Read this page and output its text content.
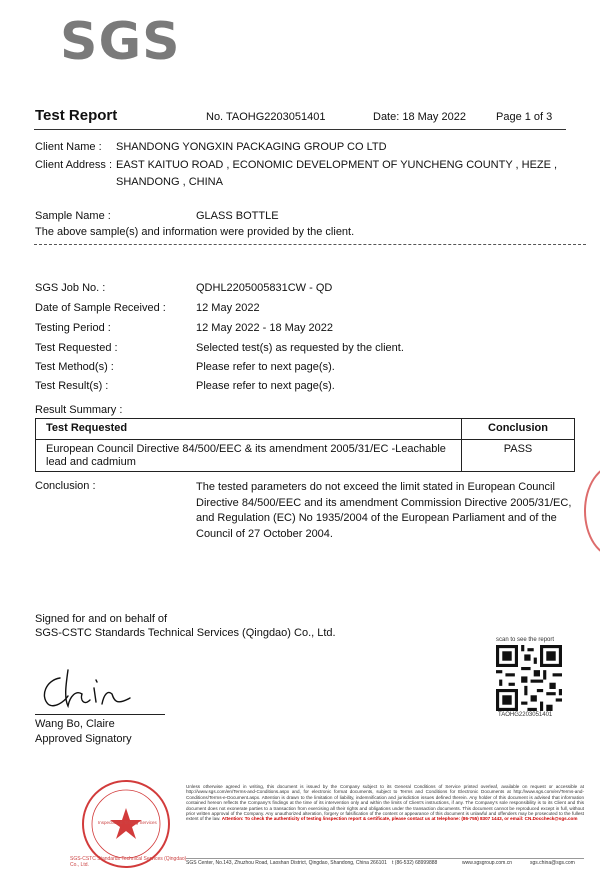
SGS
Test Report	No. TAOHG2203051401	Date: 18 May 2022	Page 1 of 3
Client Name : SHANDONG YONGXIN PACKAGING GROUP CO LTD
Client Address : EAST KAITUO ROAD , ECONOMIC DEVELOPMENT OF YUNCHENG COUNTY , HEZE ,
SHANDONG , CHINA
Sample Name :	GLASS BOTTLE
The above sample(s) and information were provided by the client.
SGS Job No. :	QDHL2205005831CW - QD
Date of Sample Received :	12 May 2022
Testing Period :	12 May 2022 - 18 May 2022
Test Requested :	Selected test(s) as requested by the client.
Test Method(s) :	Please refer to next page(s).
Test Result(s) :	Please refer to next page(s).
Result Summary :
Test Requested	Conclusion
European Council Directive 84/500/EEC & its amendment 2005/31/EC -Leachable lead and cadmium	PASS
Conclusion :	The tested parameters do not exceed the limit stated in European Council Directive 84/500/EEC and its amendment Commission Directive 2005/31/EC, and Regulation (EC) No 1935/2004 of the European Parliament and of the Council of 27 October 2004.
Signed for and on behalf of
SGS-CSTC Standards Technical Services (Qingdao) Co., Ltd.
Wang Bo, Claire
Approved Signatory
scan to see the report
TAOHG2203051401
SGS-CSTC Standards Technical Services (Qingdao) Co., Ltd.
Inspection & Testing Services
Unless otherwise agreed in writing, this document is issued by the Company subject to its General Conditions of Service printed overleaf, available on request or accessible at http://www.sgs.com/en/Terms-and-Conditions.aspx and, for electronic format documents, subject to Terms and Conditions for Electronic Documents at http://www.sgs.com/en/Terms-and-Conditions/Terms-e-Document.aspx. Attention is drawn to the limitation of liability, indemnification and jurisdiction issues defined therein. Any holder of this document is advised that information contained hereon reflects the Company's findings at the time of its intervention only and within the limits of Client's instructions, if any. The Company's sole responsibility is to its Client and this document does not exonerate parties to a transaction from exercising all their rights and obligations under the transaction documents. This document cannot be reproduced except in full, without prior written approval of the Company. Any unauthorized alteration, forgery or falsification of the content or appearance of this document is unlawful and offenders may be prosecuted to the fullest extent of the law. Attention: To check the authenticity of testing /inspection report & certificate, please contact us at telephone: (86-755) 8307 1443, or email: CN.Doccheck@sgs.com
SGS Center, No.143, Zhuzhou Road, Laoshan District, Qingdao, Shandong, China 266101 t (86-532) 68999888	www.sgsgroup.com.cn	sgs.china@sgs.com
